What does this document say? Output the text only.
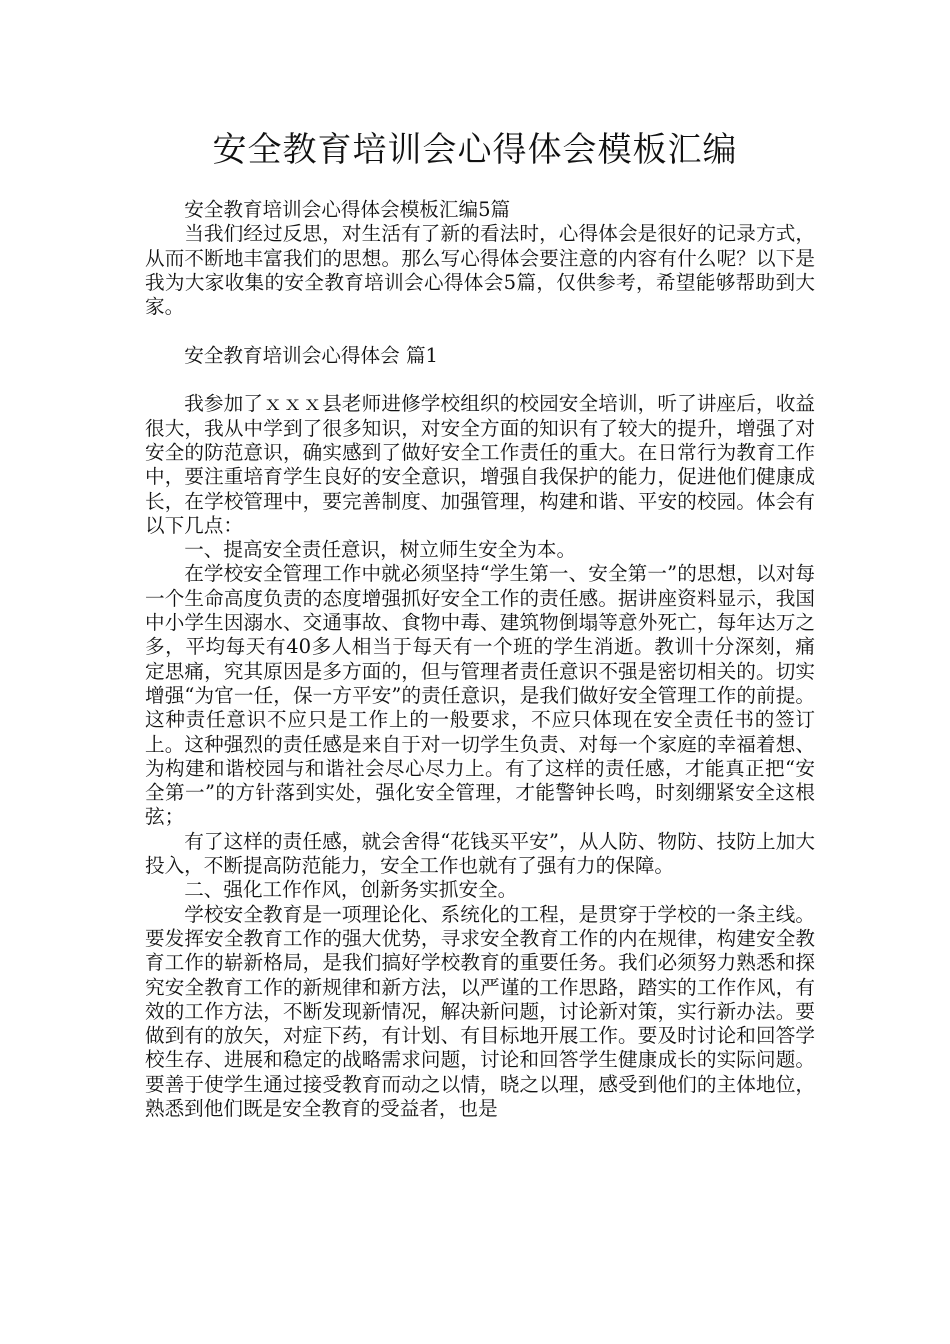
安全教育培训会心得体会模板汇编

安全教育培训会心得体会模板汇编5篇

当我们经过反思，对生活有了新的看法时，心得体会是很好的记录方式，从而不断地丰富我们的思想。那么写心得体会要注意的内容有什么呢？以下是我为大家收集的安全教育培训会心得体会5篇，仅供参考，希望能够帮助到大家。

安全教育培训会心得体会 篇1

我参加了ｘｘｘ县老师进修学校组织的校园安全培训，听了讲座后，收益很大，我从中学到了很多知识，对安全方面的知识有了较大的提升，增强了对安全的防范意识，确实感到了做好安全工作责任的重大。在日常行为教育工作中，要注重培育学生良好的安全意识，增强自我保护的能力，促进他们健康成长，在学校管理中，要完善制度、加强管理，构建和谐、平安的校园。体会有以下几点：

一、提高安全责任意识，树立师生安全为本。

在学校安全管理工作中就必须坚持“学生第一、安全第一”的思想，以对每一个生命高度负责的态度增强抓好安全工作的责任感。据讲座资料显示，我国中小学生因溺水、交通事故、食物中毒、建筑物倒塌等意外死亡，每年达万之多，平均每天有40多人相当于每天有一个班的学生消逝。教训十分深刻，痛定思痛，究其原因是多方面的，但与管理者责任意识不强是密切相关的。切实增强“为官一任，保一方平安”的责任意识，是我们做好安全管理工作的前提。这种责任意识不应只是工作上的一般要求，不应只体现在安全责任书的签订上。这种强烈的责任感是来自于对一切学生负责、对每一个家庭的幸福着想、为构建和谐校园与和谐社会尽心尽力上。有了这样的责任感，才能真正把“安全第一”的方针落到实处，强化安全管理，才能警钟长鸣，时刻绷紧安全这根弦；

有了这样的责任感，就会舍得“花钱买平安”，从人防、物防、技防上加大投入，不断提高防范能力，安全工作也就有了强有力的保障。

二、强化工作作风，创新务实抓安全。

学校安全教育是一项理论化、系统化的工程，是贯穿于学校的一条主线。要发挥安全教育工作的强大优势，寻求安全教育工作的内在规律，构建安全教育工作的崭新格局，是我们搞好学校教育的重要任务。我们必须努力熟悉和探究安全教育工作的新规律和新方法，以严谨的工作思路，踏实的工作作风，有效的工作方法，不断发现新情况，解决新问题，讨论新对策，实行新办法。要做到有的放矢，对症下药，有计划、有目标地开展工作。要及时讨论和回答学校生存、进展和稳定的战略需求问题，讨论和回答学生健康成长的实际问题。要善于使学生通过接受教育而动之以情，晓之以理，感受到他们的主体地位，熟悉到他们既是安全教育的受益者，也是
